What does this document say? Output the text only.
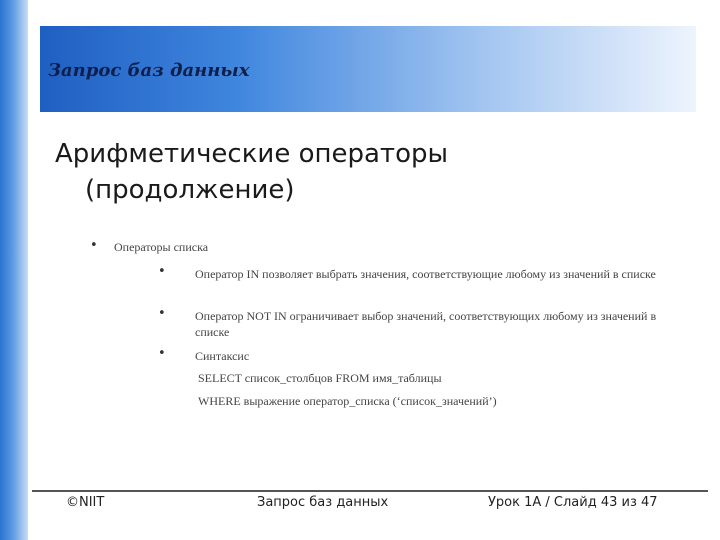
Запрос баз данных
Арифметические операторы
(продолжение)
• Операторы списка
• Оператор IN позволяет выбрать значения, соответствующие любому из значений в списке
• Оператор NOT IN ограничивает выбор значений, соответствующих любому из значений в списке
• Синтаксис
SELECT список_столбцов FROM имя_таблицы
WHERE выражение оператор_списка (‘список_значений’)
©NIIT	Запрос баз данных	Урок 1А / Слайд 43 из 47
